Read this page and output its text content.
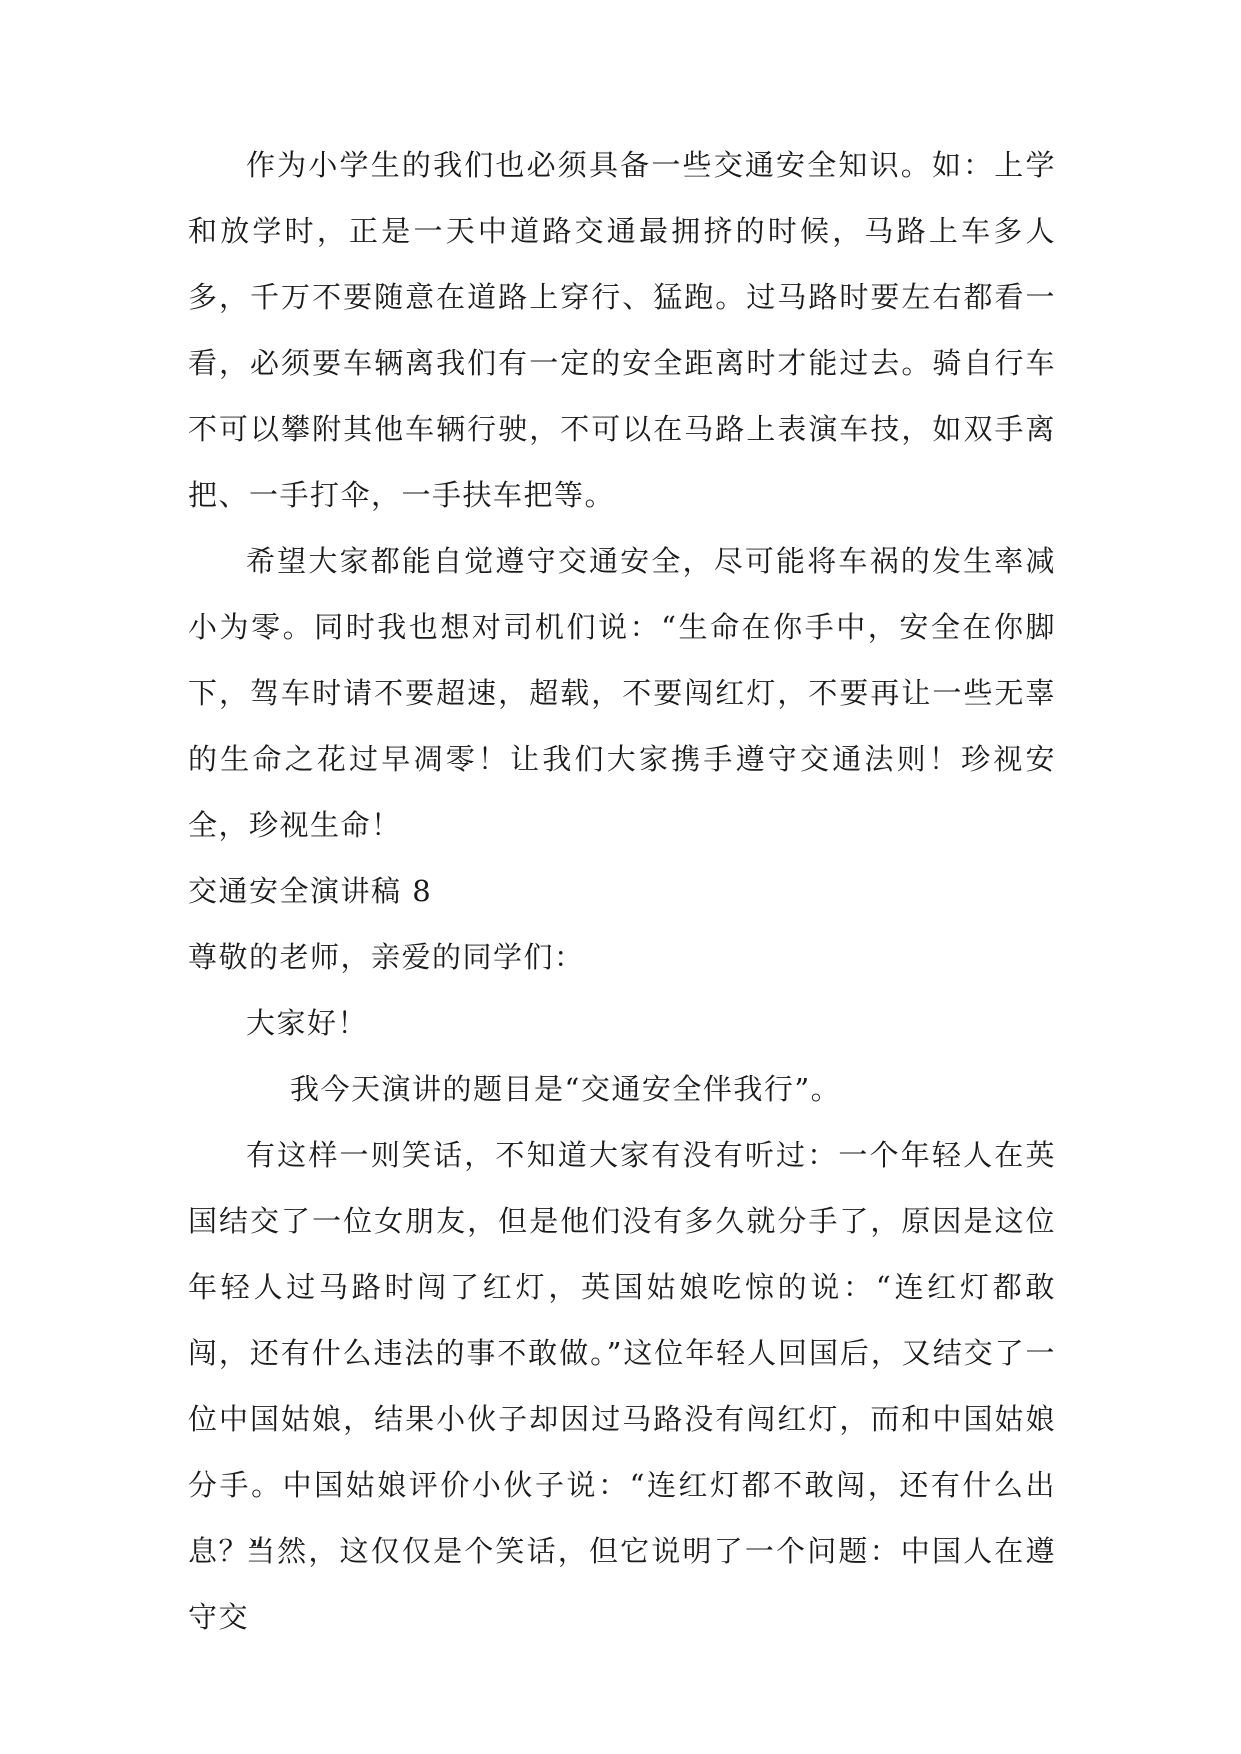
作为小学生的我们也必须具备一些交通安全知识。如：上学和放学时，正是一天中道路交通最拥挤的时候，马路上车多人多，千万不要随意在道路上穿行、猛跑。过马路时要左右都看一看，必须要车辆离我们有一定的安全距离时才能过去。骑自行车不可以攀附其他车辆行驶，不可以在马路上表演车技，如双手离把、一手打伞，一手扶车把等。

希望大家都能自觉遵守交通安全，尽可能将车祸的发生率减小为零。同时我也想对司机们说：“生命在你手中，安全在你脚下，驾车时请不要超速，超载，不要闯红灯，不要再让一些无辜的生命之花过早凋零！让我们大家携手遵守交通法则！珍视安全，珍视生命！

交通安全演讲稿 8

尊敬的老师，亲爱的同学们：

大家好！

我今天演讲的题目是“交通安全伴我行”。

有这样一则笑话，不知道大家有没有听过：一个年轻人在英国结交了一位女朋友，但是他们没有多久就分手了，原因是这位年轻人过马路时闯了红灯，英国姑娘吃惊的说：“连红灯都敢闯，还有什么违法的事不敢做。”这位年轻人回国后，又结交了一位中国姑娘，结果小伙子却因过马路没有闯红灯，而和中国姑娘分手。中国姑娘评价小伙子说：“连红灯都不敢闯，还有什么出息？”

当然，这仅仅是个笑话，但它说明了一个问题：中国人在遵守交
